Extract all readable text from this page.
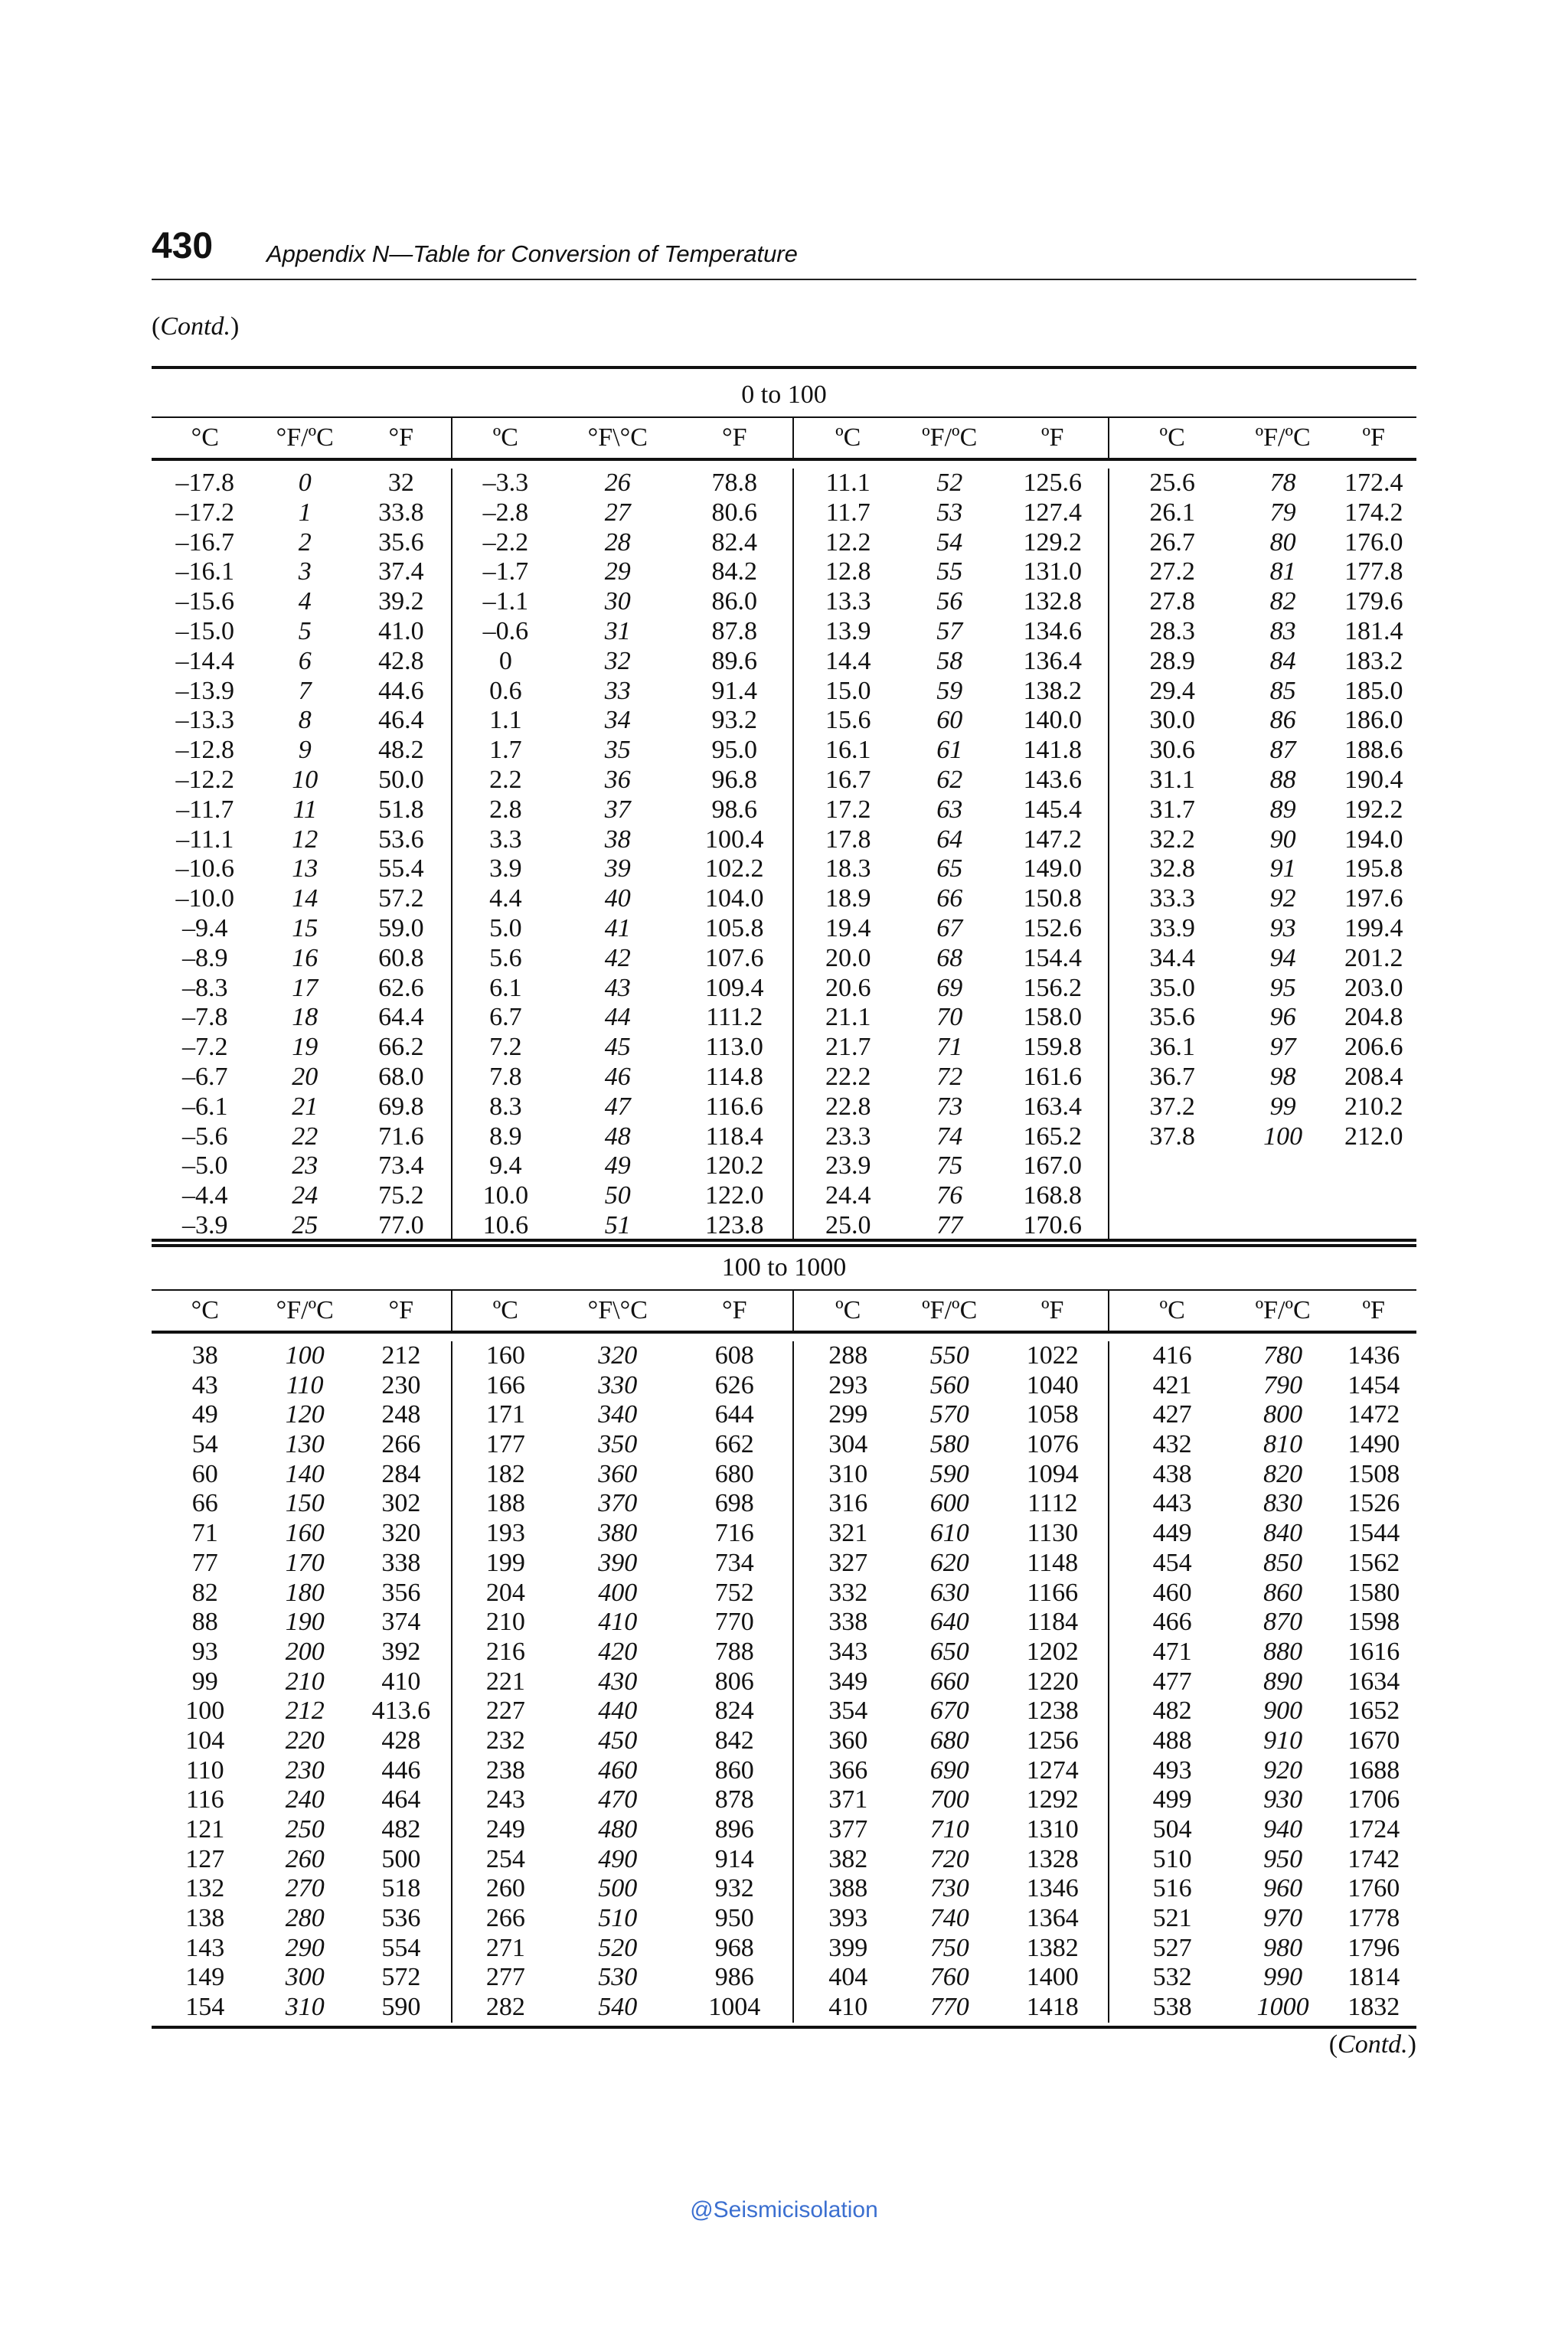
430 Appendix N—Table for Conversion of Temperature
(Contd.)
0 to 100
°C	°F/ºC	°F	ºC	°F\°C	°F	ºC	ºF/ºC	ºF	ºC	ºF/ºC	ºF
–17.8	0	32	–3.3	26	78.8	11.1	52	125.6	25.6	78	172.4
–17.2	1	33.8	–2.8	27	80.6	11.7	53	127.4	26.1	79	174.2
–16.7	2	35.6	–2.2	28	82.4	12.2	54	129.2	26.7	80	176.0
–16.1	3	37.4	–1.7	29	84.2	12.8	55	131.0	27.2	81	177.8
–15.6	4	39.2	–1.1	30	86.0	13.3	56	132.8	27.8	82	179.6
–15.0	5	41.0	–0.6	31	87.8	13.9	57	134.6	28.3	83	181.4
–14.4	6	42.8	0	32	89.6	14.4	58	136.4	28.9	84	183.2
–13.9	7	44.6	0.6	33	91.4	15.0	59	138.2	29.4	85	185.0
–13.3	8	46.4	1.1	34	93.2	15.6	60	140.0	30.0	86	186.0
–12.8	9	48.2	1.7	35	95.0	16.1	61	141.8	30.6	87	188.6
–12.2	10	50.0	2.2	36	96.8	16.7	62	143.6	31.1	88	190.4
–11.7	11	51.8	2.8	37	98.6	17.2	63	145.4	31.7	89	192.2
–11.1	12	53.6	3.3	38	100.4	17.8	64	147.2	32.2	90	194.0
–10.6	13	55.4	3.9	39	102.2	18.3	65	149.0	32.8	91	195.8
–10.0	14	57.2	4.4	40	104.0	18.9	66	150.8	33.3	92	197.6
–9.4	15	59.0	5.0	41	105.8	19.4	67	152.6	33.9	93	199.4
–8.9	16	60.8	5.6	42	107.6	20.0	68	154.4	34.4	94	201.2
–8.3	17	62.6	6.1	43	109.4	20.6	69	156.2	35.0	95	203.0
–7.8	18	64.4	6.7	44	111.2	21.1	70	158.0	35.6	96	204.8
–7.2	19	66.2	7.2	45	113.0	21.7	71	159.8	36.1	97	206.6
–6.7	20	68.0	7.8	46	114.8	22.2	72	161.6	36.7	98	208.4
–6.1	21	69.8	8.3	47	116.6	22.8	73	163.4	37.2	99	210.2
–5.6	22	71.6	8.9	48	118.4	23.3	74	165.2	37.8	100	212.0
–5.0	23	73.4	9.4	49	120.2	23.9	75	167.0
–4.4	24	75.2	10.0	50	122.0	24.4	76	168.8
–3.9	25	77.0	10.6	51	123.8	25.0	77	170.6
100 to 1000
°C	°F/ºC	°F	ºC	°F\°C	°F	ºC	ºF/ºC	ºF	ºC	ºF/ºC	ºF
38	100	212	160	320	608	288	550	1022	416	780	1436
43	110	230	166	330	626	293	560	1040	421	790	1454
49	120	248	171	340	644	299	570	1058	427	800	1472
54	130	266	177	350	662	304	580	1076	432	810	1490
60	140	284	182	360	680	310	590	1094	438	820	1508
66	150	302	188	370	698	316	600	1112	443	830	1526
71	160	320	193	380	716	321	610	1130	449	840	1544
77	170	338	199	390	734	327	620	1148	454	850	1562
82	180	356	204	400	752	332	630	1166	460	860	1580
88	190	374	210	410	770	338	640	1184	466	870	1598
93	200	392	216	420	788	343	650	1202	471	880	1616
99	210	410	221	430	806	349	660	1220	477	890	1634
100	212	413.6	227	440	824	354	670	1238	482	900	1652
104	220	428	232	450	842	360	680	1256	488	910	1670
110	230	446	238	460	860	366	690	1274	493	920	1688
116	240	464	243	470	878	371	700	1292	499	930	1706
121	250	482	249	480	896	377	710	1310	504	940	1724
127	260	500	254	490	914	382	720	1328	510	950	1742
132	270	518	260	500	932	388	730	1346	516	960	1760
138	280	536	266	510	950	393	740	1364	521	970	1778
143	290	554	271	520	968	399	750	1382	527	980	1796
149	300	572	277	530	986	404	760	1400	532	990	1814
154	310	590	282	540	1004	410	770	1418	538	1000	1832
(Contd.)
@Seismicisolation
